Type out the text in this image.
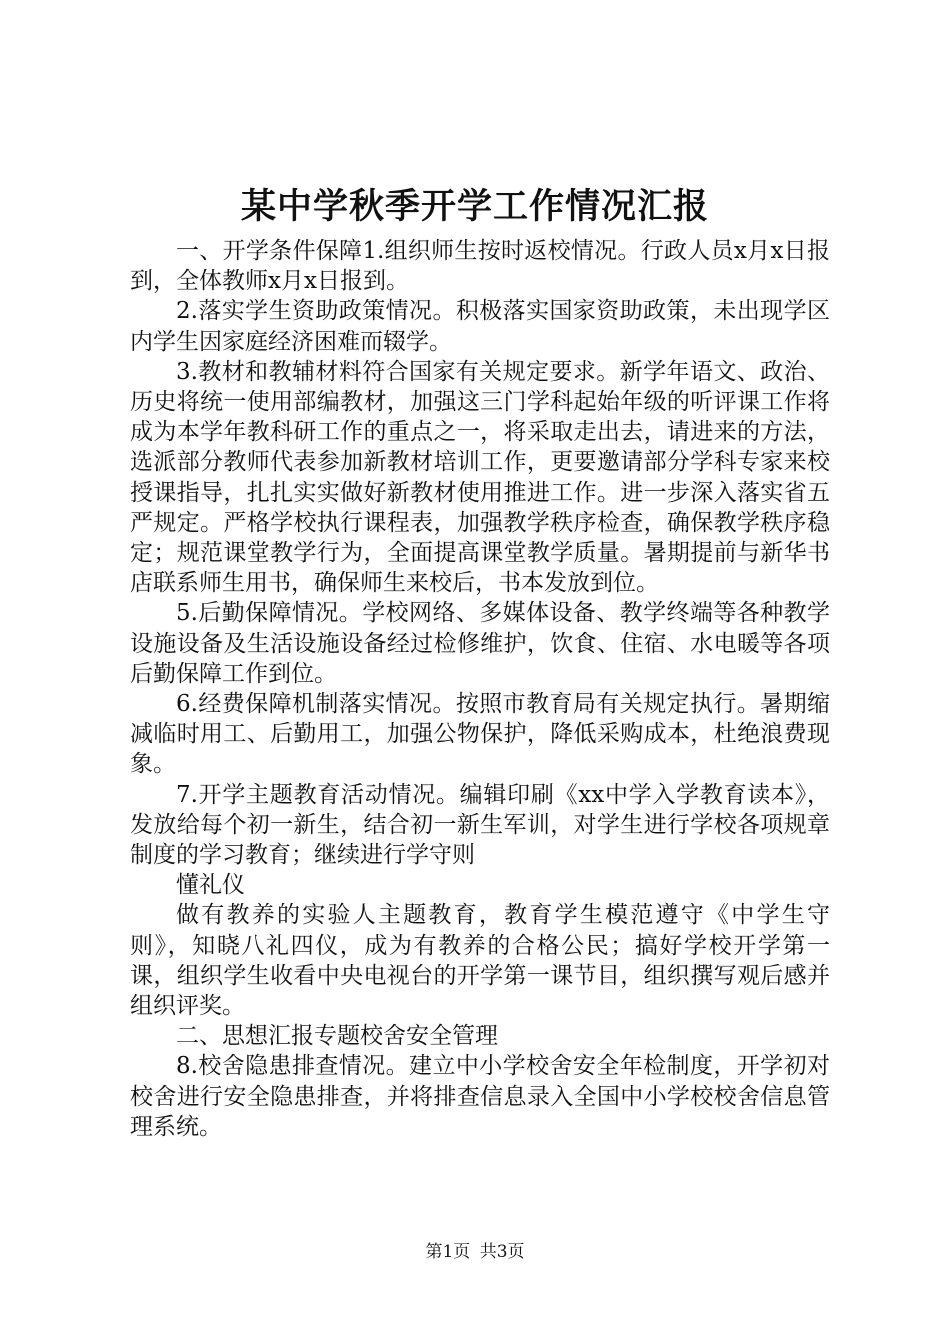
某中学秋季开学工作情况汇报

一、开学条件保障1.组织师生按时返校情况。行政人员x月x日报到，全体教师x月x日报到。

2.落实学生资助政策情况。积极落实国家资助政策，未出现学区内学生因家庭经济困难而辍学。

3.教材和教辅材料符合国家有关规定要求。新学年语文、政治、历史将统一使用部编教材，加强这三门学科起始年级的听评课工作将成为本学年教科研工作的重点之一，将采取走出去，请进来的方法，选派部分教师代表参加新教材培训工作，更要邀请部分学科专家来校授课指导，扎扎实实做好新教材使用推进工作。进一步深入落实省五严规定。严格学校执行课程表，加强教学秩序检查，确保教学秩序稳定；规范课堂教学行为，全面提高课堂教学质量。暑期提前与新华书店联系师生用书，确保师生来校后，书本发放到位。

5.后勤保障情况。学校网络、多媒体设备、教学终端等各种教学设施设备及生活设施设备经过检修维护，饮食、住宿、水电暖等各项后勤保障工作到位。

6.经费保障机制落实情况。按照市教育局有关规定执行。暑期缩减临时用工、后勤用工，加强公物保护，降低采购成本，杜绝浪费现象。

7.开学主题教育活动情况。编辑印刷《xx中学入学教育读本》，发放给每个初一新生，结合初一新生军训，对学生进行学校各项规章制度的学习教育；继续进行学守则

懂礼仪

做有教养的实验人主题教育，教育学生模范遵守《中学生守则》，知晓八礼四仪，成为有教养的合格公民；搞好学校开学第一课，组织学生收看中央电视台的开学第一课节目，组织撰写观后感并组织评奖。

二、思想汇报专题校舍安全管理

8.校舍隐患排查情况。建立中小学校舍安全年检制度，开学初对校舍进行安全隐患排查，并将排查信息录入全国中小学校校舍信息管理系统。

第1页 共3页
